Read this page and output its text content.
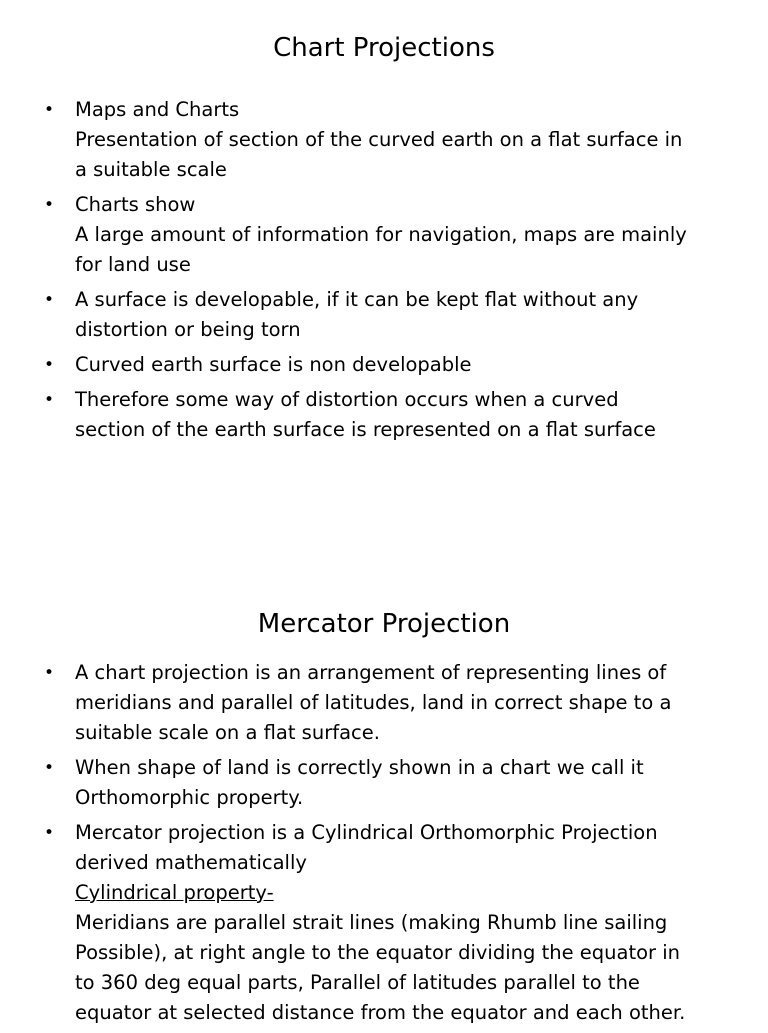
Chart Projections
• Maps and Charts
Presentation of section of the curved earth on a flat surface in
a suitable scale
• Charts show
A large amount of information for navigation, maps are mainly
for land use
• A surface is developable, if it can be kept flat without any
distortion or being torn
• Curved earth surface is non developable
• Therefore some way of distortion occurs when a curved
section of the earth surface is represented on a flat surface
Mercator Projection
• A chart projection is an arrangement of representing lines of
meridians and parallel of latitudes, land in correct shape to a
suitable scale on a flat surface.
• When shape of land is correctly shown in a chart we call it
Orthomorphic property.
• Mercator projection is a Cylindrical Orthomorphic Projection
derived mathematically
Cylindrical property-
Meridians are parallel strait lines (making Rhumb line sailing
Possible), at right angle to the equator dividing the equator in
to 360 deg equal parts, Parallel of latitudes parallel to the
equator at selected distance from the equator and each other.
